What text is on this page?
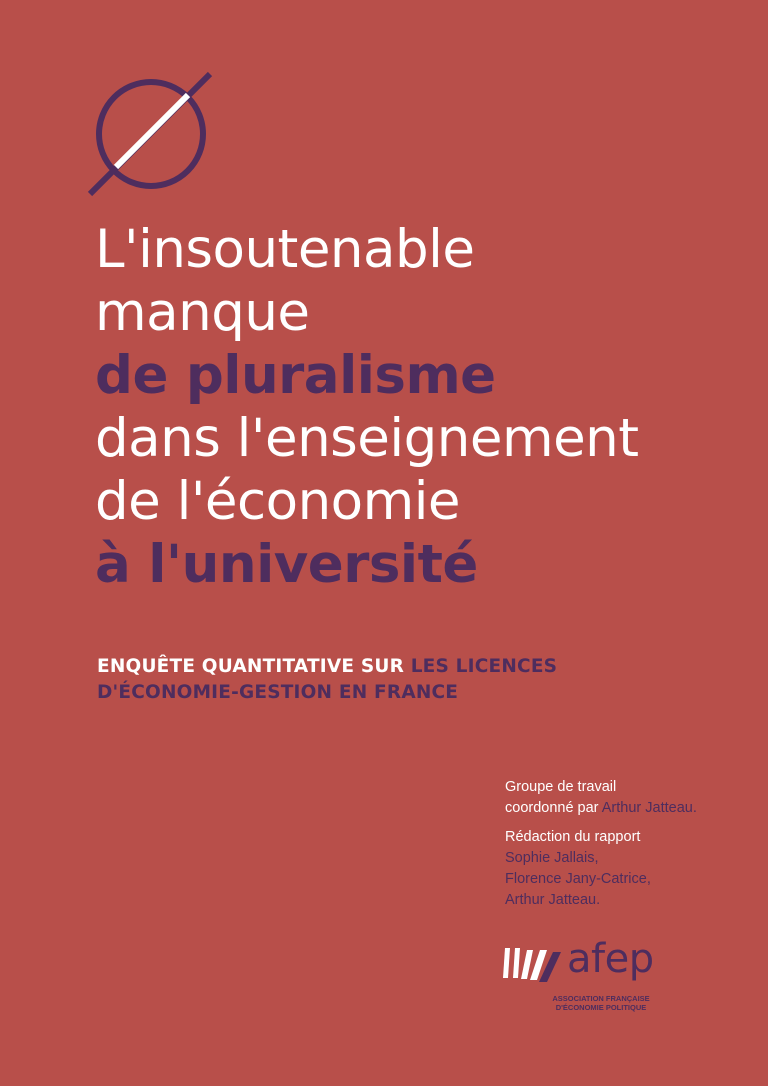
L'insoutenable
manque
de pluralisme
dans l'enseignement
de l'économie
à l'université
ENQUÊTE QUANTITATIVE SUR LES LICENCES
D'ÉCONOMIE-GESTION EN FRANCE

Groupe de travail
coordonné par Arthur Jatteau.

Rédaction du rapport
Sophie Jallais,
Florence Jany-Catrice,
Arthur Jatteau.

afep
ASSOCIATION FRANÇAISE
D'ÉCONOMIE POLITIQUE
